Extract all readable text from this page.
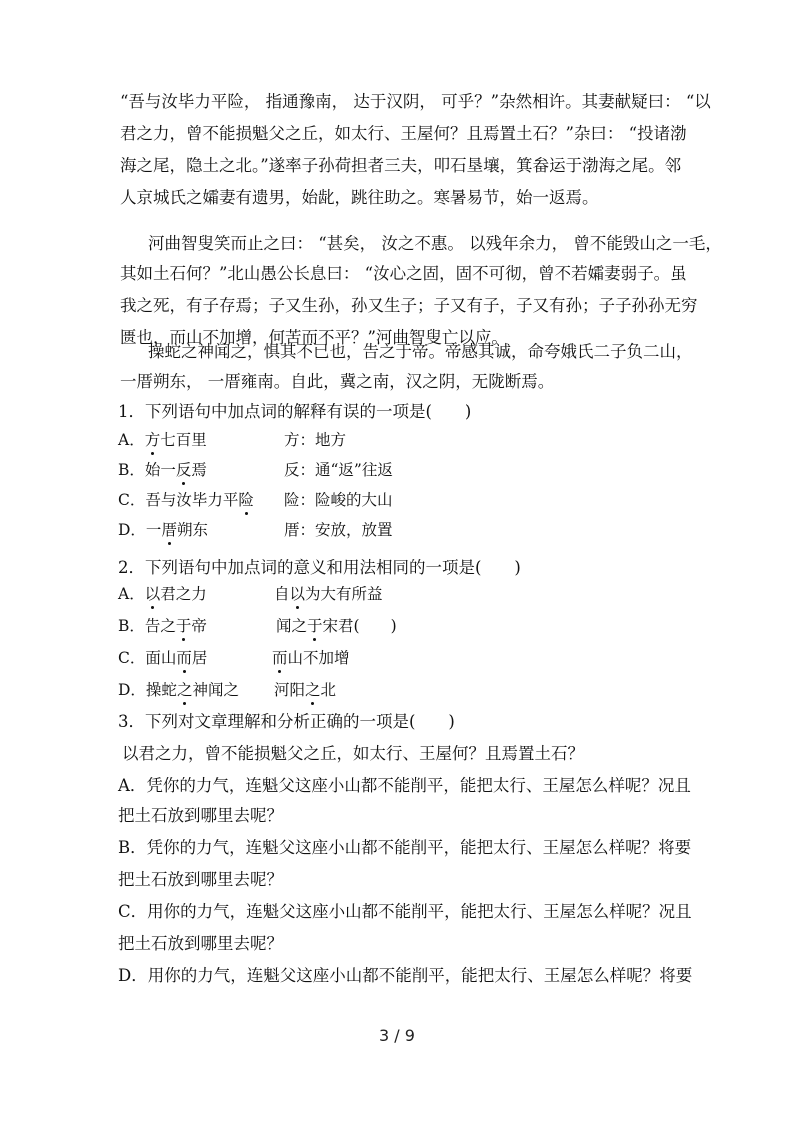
“吾与汝毕力平险， 指通豫南， 达于汉阴， 可乎？”杂然相许。其妻献疑曰： “以
君之力，曾不能损魁父之丘，如太行、王屋何？且焉置土石？”杂曰： “投诸渤
海之尾，隐土之北。”遂率子孙荷担者三夫，叩石垦壤，箕畚运于渤海之尾。邻
人京城氏之孀妻有遗男，始龀，跳往助之。寒暑易节，始一返焉。
河曲智叟笑而止之曰： “甚矣， 汝之不惠。 以残年余力， 曾不能毁山之一毛，
其如土石何？”北山愚公长息曰： “汝心之固，固不可彻，曾不若孀妻弱子。虽
我之死，有子存焉；子又生孙，孙又生子；子又有子，子又有孙；子子孙孙无穷
匮也，而山不加增，何苦而不平？”河曲智叟亡以应。
操蛇之神闻之，惧其不已也，告之于帝。帝感其诚，命夸娥氏二子负二山，
一厝朔东， 一厝雍南。自此，冀之南，汉之阴，无陇断焉。
1．下列语句中加点词的解释有误的一项是(　　)
A．方七百里	方：地方
B．始一反焉	反：通“返”往返
C．吾与汝毕力平险 险：险峻的大山
D．一厝朔东	厝：安放，放置
2．下列语句中加点词的意义和用法相同的一项是(　　)
A．以君之力	自以为大有所益
B．告之于帝	闻之于宋君(　　)
C．面山而居	而山不加增
D．操蛇之神闻之 河阳之北
3．下列对文章理解和分析正确的一项是(　　)
以君之力，曾不能损魁父之丘，如太行、王屋何？且焉置土石？
A．凭你的力气，连魁父这座小山都不能削平，能把太行、王屋怎么样呢？况且
把土石放到哪里去呢？
B．凭你的力气，连魁父这座小山都不能削平，能把太行、王屋怎么样呢？将要
把土石放到哪里去呢？
C．用你的力气，连魁父这座小山都不能削平，能把太行、王屋怎么样呢？况且
把土石放到哪里去呢？
D．用你的力气，连魁父这座小山都不能削平，能把太行、王屋怎么样呢？将要
3 / 9
